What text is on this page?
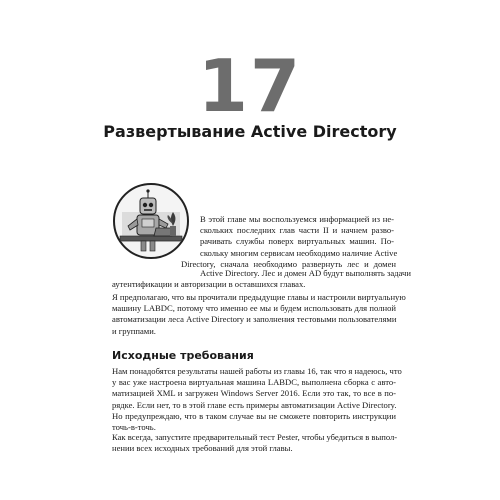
17
Развертывание Active Directory

В этой главе мы воспользуемся информацией из не-
скольких последних глав части II и начнем разво-
рачивать службы поверх виртуальных машин. По-
скольку многим сервисам необходимо наличие Active

Directory, сначала необходимо развернуть лес и домен

Active Directory. Лес и домен AD будут выполнять задачи
аутентификации и авторизации в оставшихся главах.

Я предполагаю, что вы прочитали предыдущие главы и настроили виртуальную
машину LABDC, потому что именно ее мы и будем использовать для полной
автоматизации леса Active Directory и заполнения тестовыми пользователями
и группами.

Исходные требования

Нам понадобятся результаты нашей работы из главы 16, так что я надеюсь, что
у вас уже настроена виртуальная машина LABDC, выполнена сборка с авто-
матизацией XML и загружен Windows Server 2016. Если это так, то все в по-
рядке. Если нет, то в этой главе есть примеры автоматизации Active Directory.
Но предупреждаю, что в таком случае вы не сможете повторить инструкции
точь-в-точь.

Как всегда, запустите предварительный тест Pester, чтобы убедиться в выпол-
нении всех исходных требований для этой главы.
